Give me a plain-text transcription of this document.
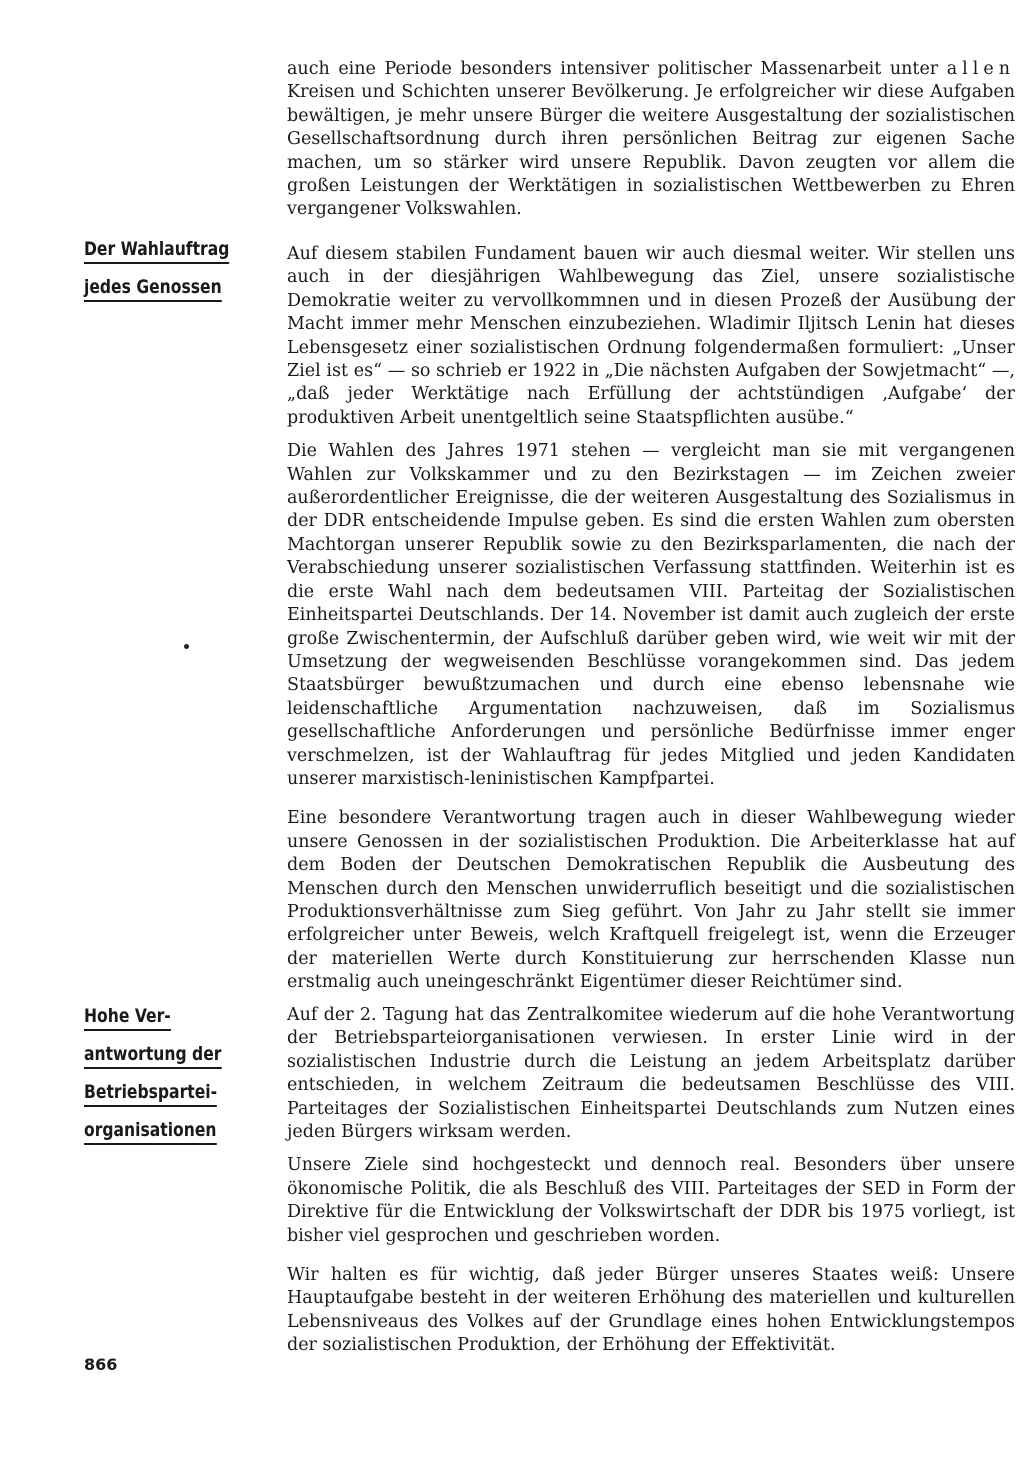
auch eine Periode besonders intensiver politischer Massenarbeit unter allen Kreisen und Schichten unserer Bevölkerung. Je erfolgreicher wir diese Aufgaben bewältigen, je mehr unsere Bürger die weitere Ausgestaltung der sozialistischen Gesellschaftsordnung durch ihren persönlichen Beitrag zur eigenen Sache machen, um so stärker wird unsere Republik. Davon zeugten vor allem die großen Leistungen der Werktätigen in sozialistischen Wettbewerben zu Ehren vergangener Volkswahlen.

Der Wahlauftrag
jedes Genossen

Auf diesem stabilen Fundament bauen wir auch diesmal weiter. Wir stellen uns auch in der diesjährigen Wahlbewegung das Ziel, unsere sozialistische Demokratie weiter zu vervollkommnen und in diesen Prozeß der Ausübung der Macht immer mehr Menschen einzubeziehen. Wladimir Iljitsch Lenin hat dieses Lebensgesetz einer sozialistischen Ordnung folgendermaßen formuliert: „Unser Ziel ist es“ — so schrieb er 1922 in „Die nächsten Aufgaben der Sowjetmacht“ —, „daß jeder Werktätige nach Erfüllung der achtstündigen ‚Aufgabe‘ der produktiven Arbeit unentgeltlich seine Staatspflichten ausübe.“

Die Wahlen des Jahres 1971 stehen — vergleicht man sie mit vergangenen Wahlen zur Volkskammer und zu den Bezirkstagen — im Zeichen zweier außerordentlicher Ereignisse, die der weiteren Ausgestaltung des Sozialismus in der DDR entscheidende Impulse geben. Es sind die ersten Wahlen zum obersten Machtorgan unserer Republik sowie zu den Bezirksparlamenten, die nach der Verabschiedung unserer sozialistischen Verfassung stattfinden. Weiterhin ist es die erste Wahl nach dem bedeutsamen VIII. Parteitag der Sozialistischen Einheitspartei Deutschlands. Der 14. November ist damit auch zugleich der erste große Zwischentermin, der Aufschluß darüber geben wird, wie weit wir mit der Umsetzung der wegweisenden Beschlüsse vorangekommen sind. Das jedem Staatsbürger bewußtzumachen und durch eine ebenso lebensnahe wie leidenschaftliche Argumentation nachzuweisen, daß im Sozialismus gesellschaftliche Anforderungen und persönliche Bedürfnisse immer enger verschmelzen, ist der Wahlauftrag für jedes Mitglied und jeden Kandidaten unserer marxistisch-leninistischen Kampfpartei.

Eine besondere Verantwortung tragen auch in dieser Wahlbewegung wieder unsere Genossen in der sozialistischen Produktion. Die Arbeiterklasse hat auf dem Boden der Deutschen Demokratischen Republik die Ausbeutung des Menschen durch den Menschen unwiderruflich beseitigt und die sozialistischen Produktionsverhältnisse zum Sieg geführt. Von Jahr zu Jahr stellt sie immer erfolgreicher unter Beweis, welch Kraftquell freigelegt ist, wenn die Erzeuger der materiellen Werte durch Konstituierung zur herrschenden Klasse nun erstmalig auch uneingeschränkt Eigentümer dieser Reichtümer sind.

Hohe Ver-
antwortung der
Betriebspartei-
organisationen

Auf der 2. Tagung hat das Zentralkomitee wiederum auf die hohe Verantwortung der Betriebsparteiorganisationen verwiesen. In erster Linie wird in der sozialistischen Industrie durch die Leistung an jedem Arbeitsplatz darüber entschieden, in welchem Zeitraum die bedeutsamen Beschlüsse des VIII. Parteitages der Sozialistischen Einheitspartei Deutschlands zum Nutzen eines jeden Bürgers wirksam werden.

Unsere Ziele sind hochgesteckt und dennoch real. Besonders über unsere ökonomische Politik, die als Beschluß des VIII. Parteitages der SED in Form der Direktive für die Entwicklung der Volkswirtschaft der DDR bis 1975 vorliegt, ist bisher viel gesprochen und geschrieben worden.

Wir halten es für wichtig, daß jeder Bürger unseres Staates weiß: Unsere Hauptaufgabe besteht in der weiteren Erhöhung des materiellen und kulturellen Lebensniveaus des Volkes auf der Grundlage eines hohen Entwicklungstempos der sozialistischen Produktion, der Erhöhung der Effektivität.

866
